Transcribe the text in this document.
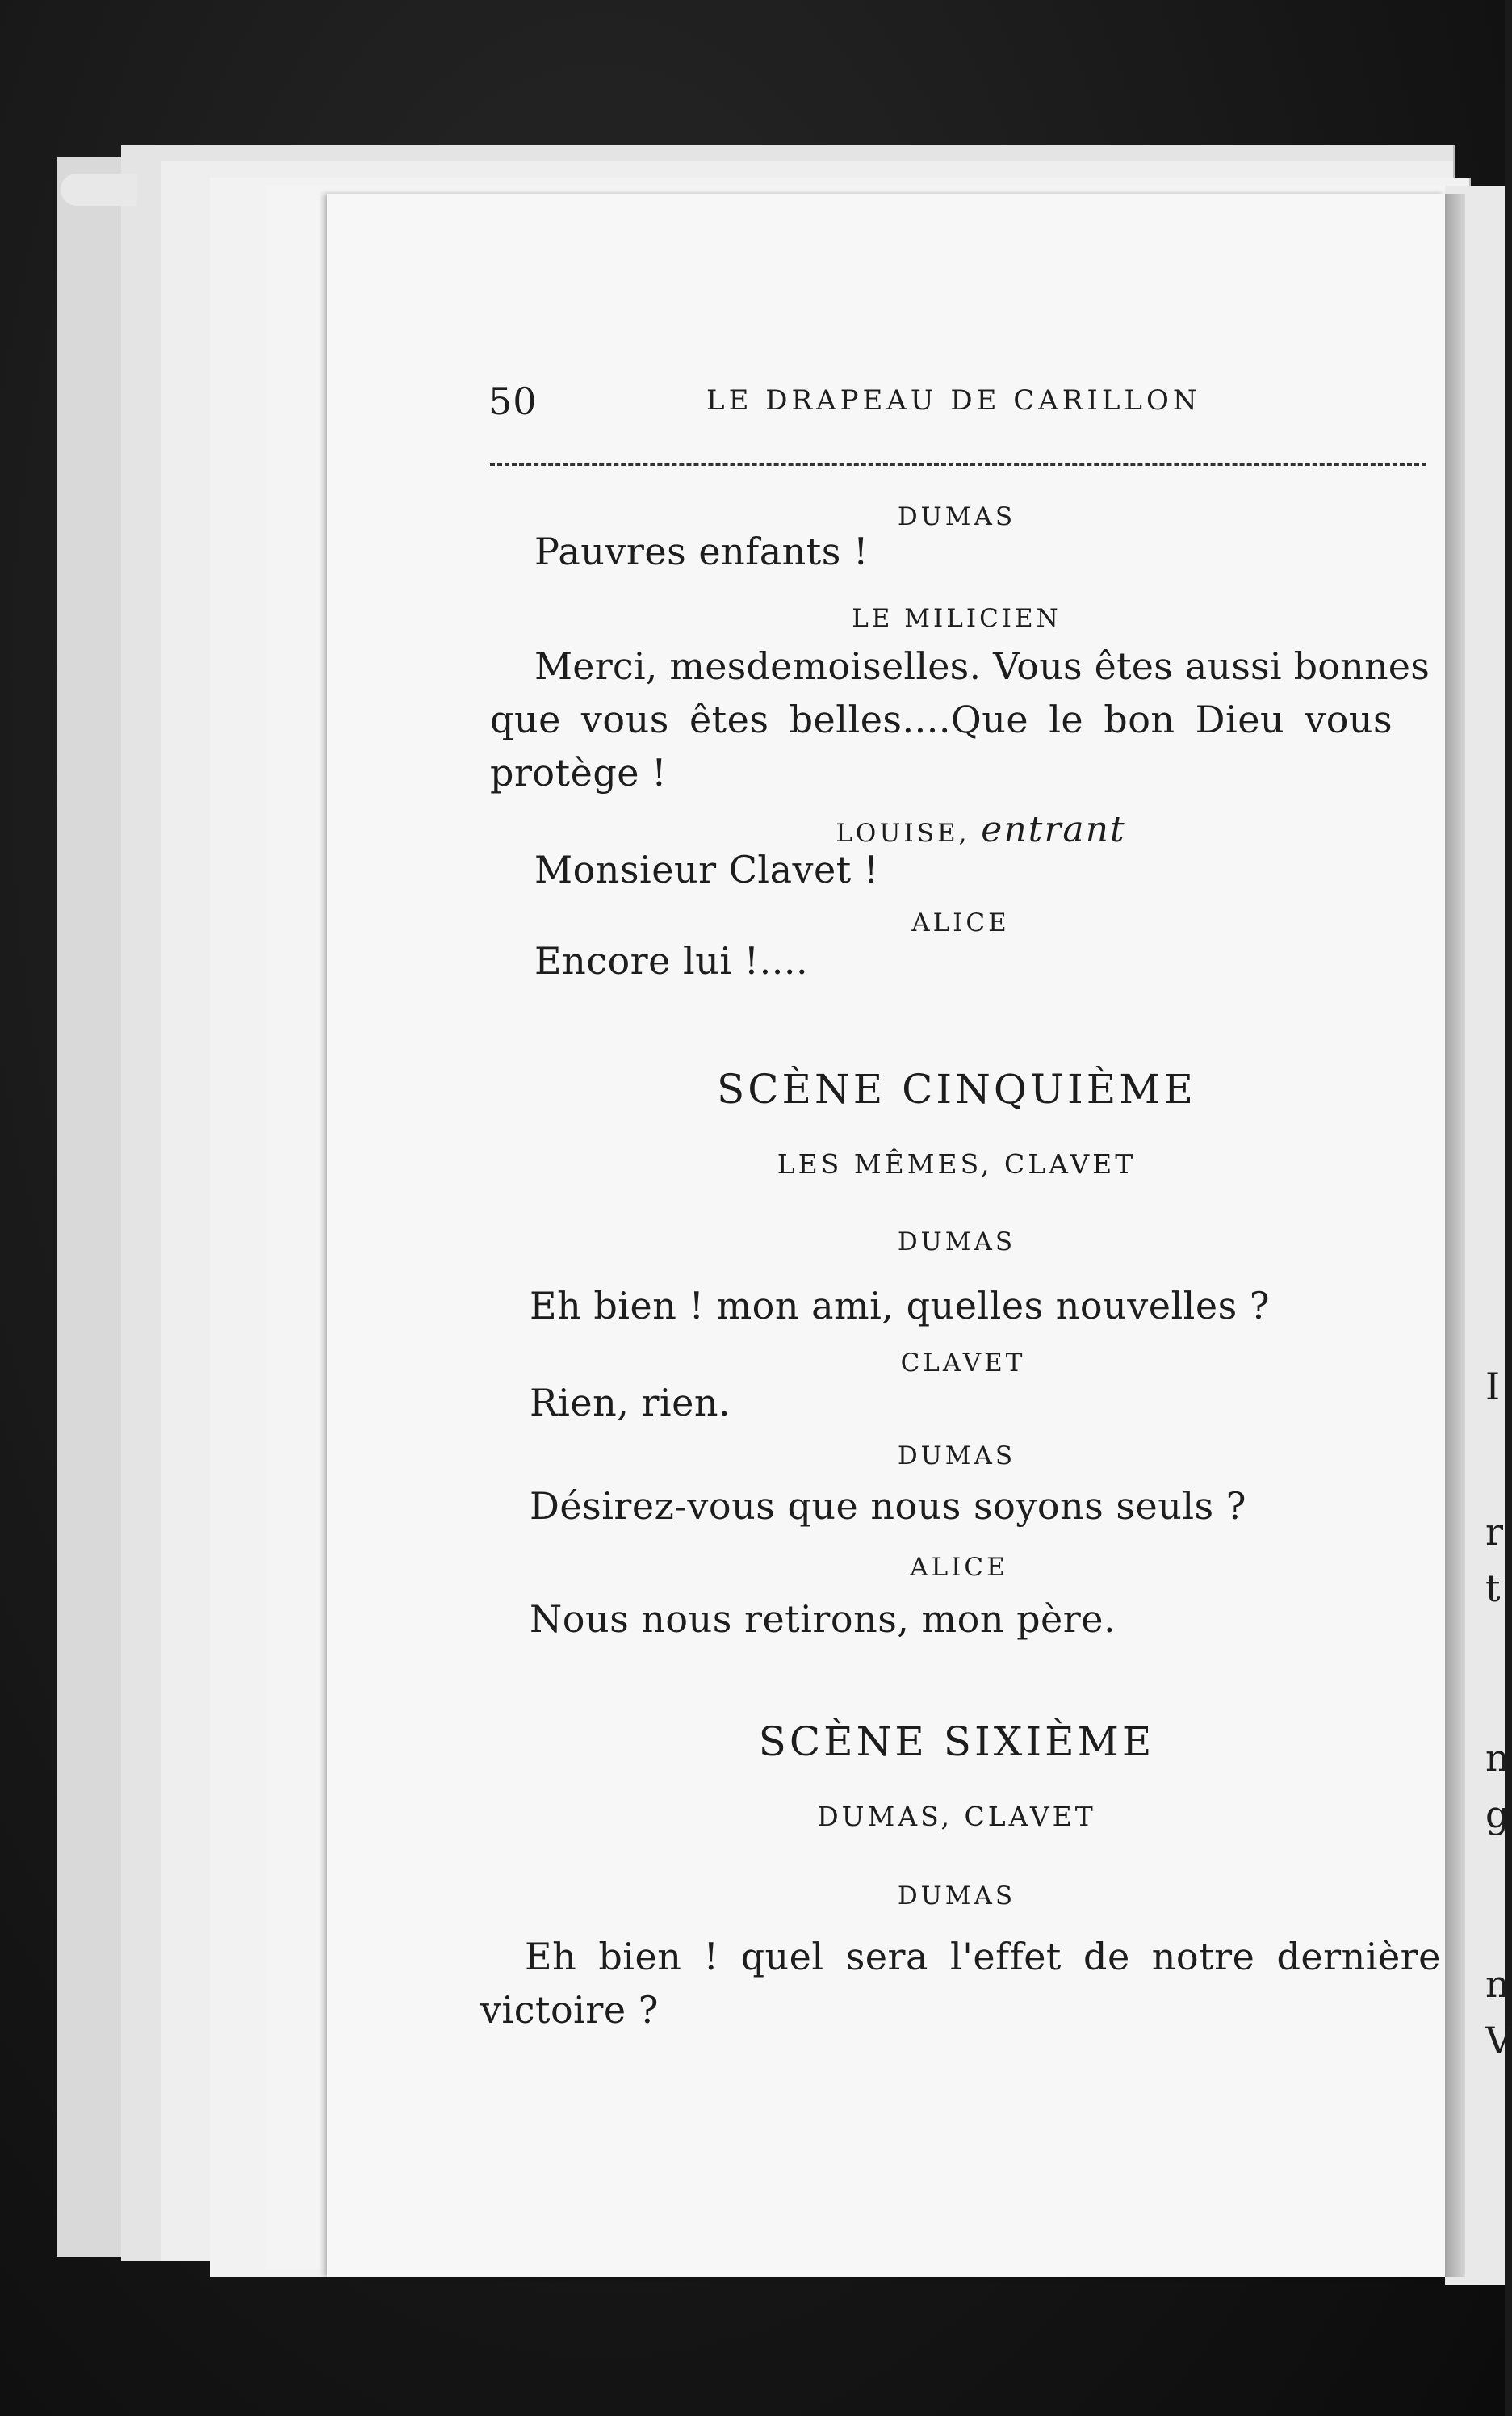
50	LE DRAPEAU DE CARILLON
DUMAS
Pauvres enfants !
LE MILICIEN
Merci, mesdemoiselles. Vous êtes aussi bonnes
que vous êtes belles....Que le bon Dieu vous
protège !
LOUISE, entrant
Monsieur Clavet !
ALICE
Encore lui !....
SCÈNE CINQUIÈME
LES MÊMES, CLAVET
DUMAS
Eh bien ! mon ami, quelles nouvelles ?
CLAVET
Rien, rien.
DUMAS
Désirez-vous que nous soyons seuls ?
ALICE
Nous nous retirons, mon père.
SCÈNE SIXIÈME
DUMAS, CLAVET
DUMAS
Eh bien ! quel sera l'effet de notre dernière
victoire ?
I
r
t
n
g
n
V
